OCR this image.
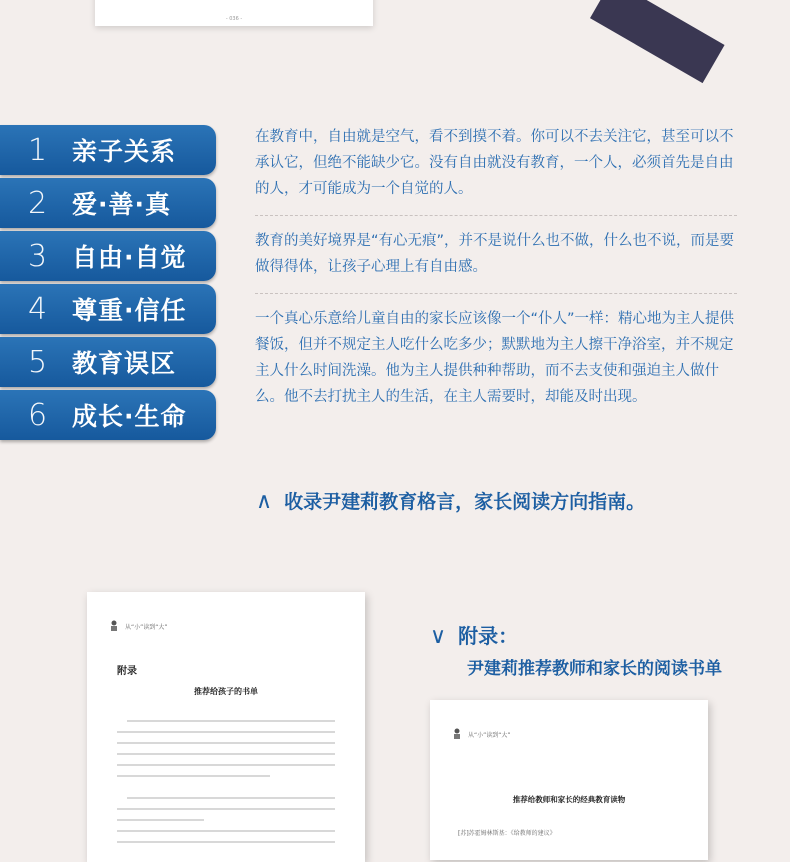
- 036 -
1 亲子关系
2 爱·善·真
3 自由·自觉
4 尊重·信任
5 教育误区
6 成长·生命

在教育中，自由就是空气，看不到摸不着。你可以不去关注它，甚至可以不承认它，但绝不能缺少它。没有自由就没有教育，一个人，必须首先是自由的人，才可能成为一个自觉的人。

教育的美好境界是“有心无痕”，并不是说什么也不做，什么也不说，而是要做得得体，让孩子心理上有自由感。

一个真心乐意给儿童自由的家长应该像一个“仆人”一样：精心地为主人提供餐饭，但并不规定主人吃什么吃多少；默默地为主人擦干净浴室，并不规定主人什么时间洗澡。他为主人提供种种帮助，而不去支使和强迫主人做什么。他不去打扰主人的生活，在主人需要时，却能及时出现。

∧ 收录尹建莉教育格言，家长阅读方向指南。
从“小”读到“大”
附录
推荐给孩子的书单
∨ 附录：
尹建莉推荐教师和家长的阅读书单
从“小”读到“大”
推荐给教师和家长的经典教育读物
[苏]苏霍姆林斯基：《给教师的建议》
